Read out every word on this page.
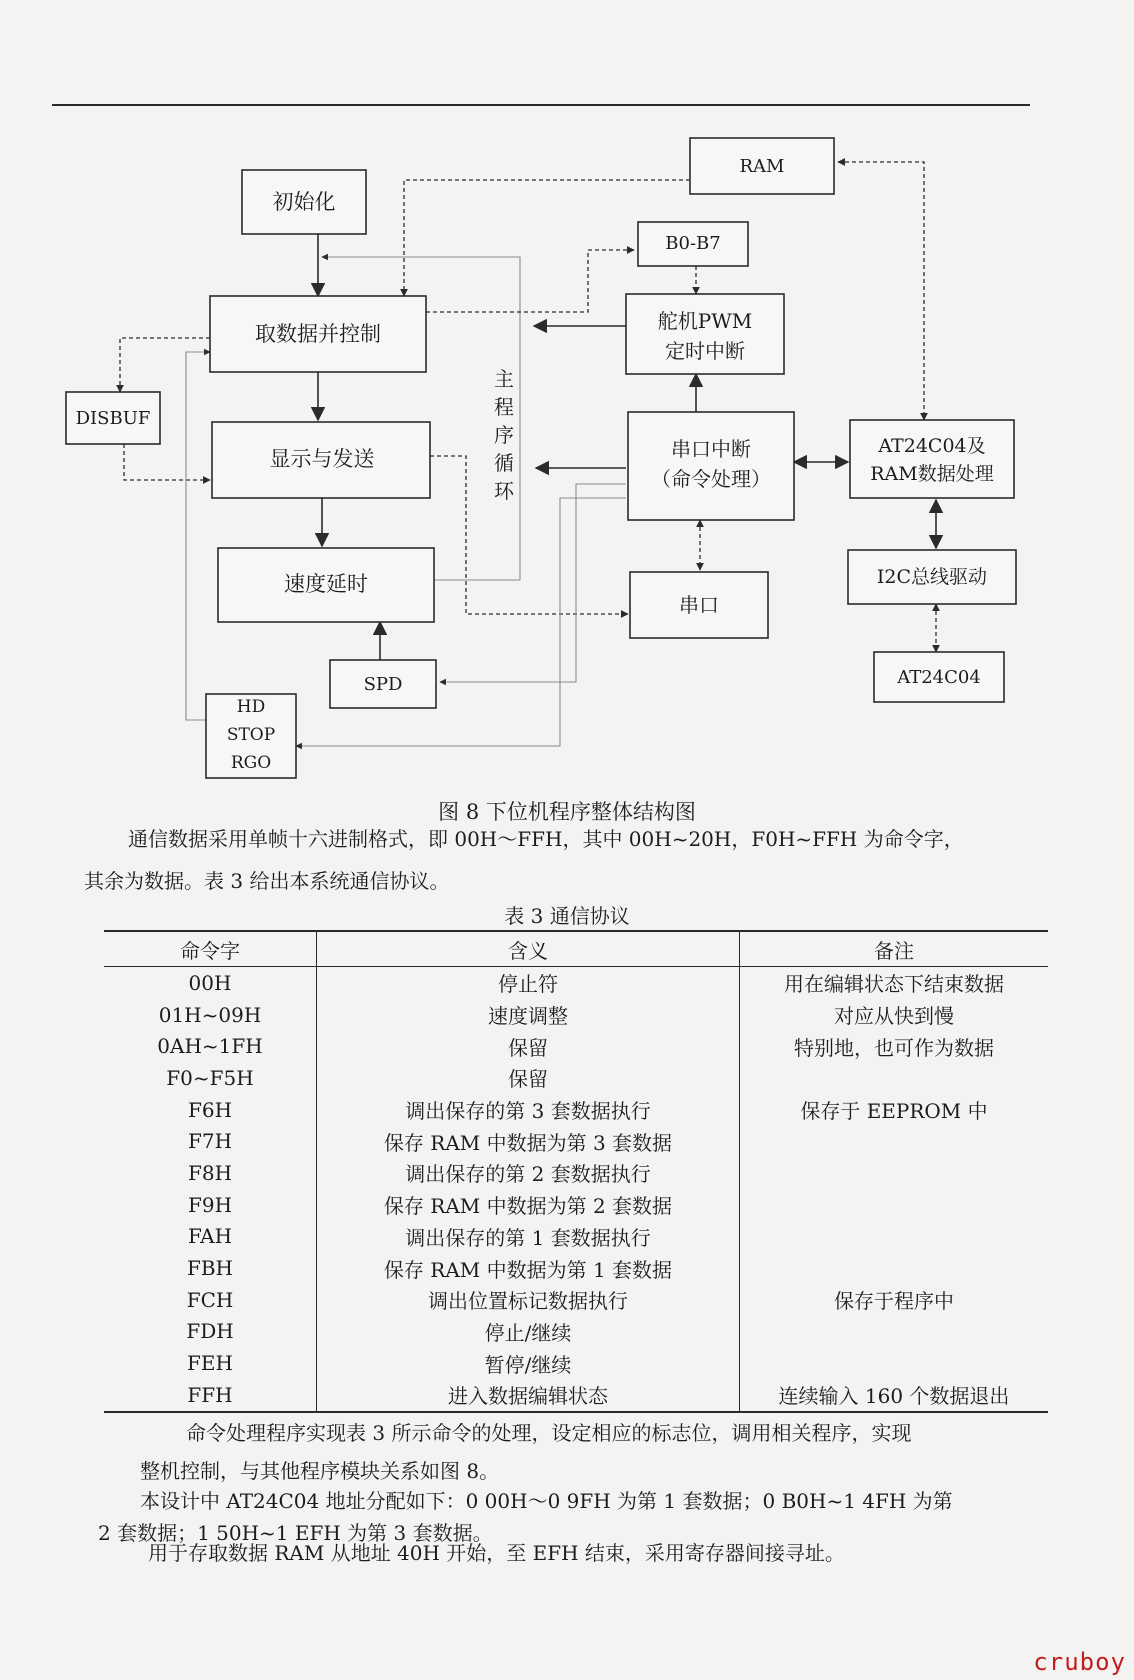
初始化
取数据并控制
显示与发送
速度延时
DISBUF
SPD
HD
STOP
RGO
RAM
B0-B7
舵机PWM
定时中断
串口中断
（命令处理）
串口
AT24C04及
RAM数据处理
I2C总线驱动
AT24C04
主
程
序
循
环
图 8 下位机程序整体结构图
通信数据采用单帧十六进制格式，即 00H～FFH，其中 00H~20H，F0H~FFH 为命令字，
其余为数据。表 3 给出本系统通信协议。
表 3 通信协议
命令字	含义	备注
00H	停止符	用在编辑状态下结束数据
01H~09H	速度调整	对应从快到慢
0AH~1FH	保留	特别地，也可作为数据
F0~F5H	保留	
F6H	调出保存的第 3 套数据执行	保存于 EEPROM 中
F7H	保存 RAM 中数据为第 3 套数据	
F8H	调出保存的第 2 套数据执行	
F9H	保存 RAM 中数据为第 2 套数据	
FAH	调出保存的第 1 套数据执行	
FBH	保存 RAM 中数据为第 1 套数据	
FCH	调出位置标记数据执行	保存于程序中
FDH	停止/继续	
FEH	暂停/继续	
FFH	进入数据编辑状态	连续输入 160 个数据退出
命令处理程序实现表 3 所示命令的处理，设定相应的标志位，调用相关程序，实现
整机控制，与其他程序模块关系如图 8。
本设计中 AT24C04 地址分配如下：0 00H～0 9FH 为第 1 套数据；0 B0H~1 4FH 为第
2 套数据；1 50H~1 EFH 为第 3 套数据。
用于存取数据 RAM 从地址 40H 开始，至 EFH 结束，采用寄存器间接寻址。
cruboy
